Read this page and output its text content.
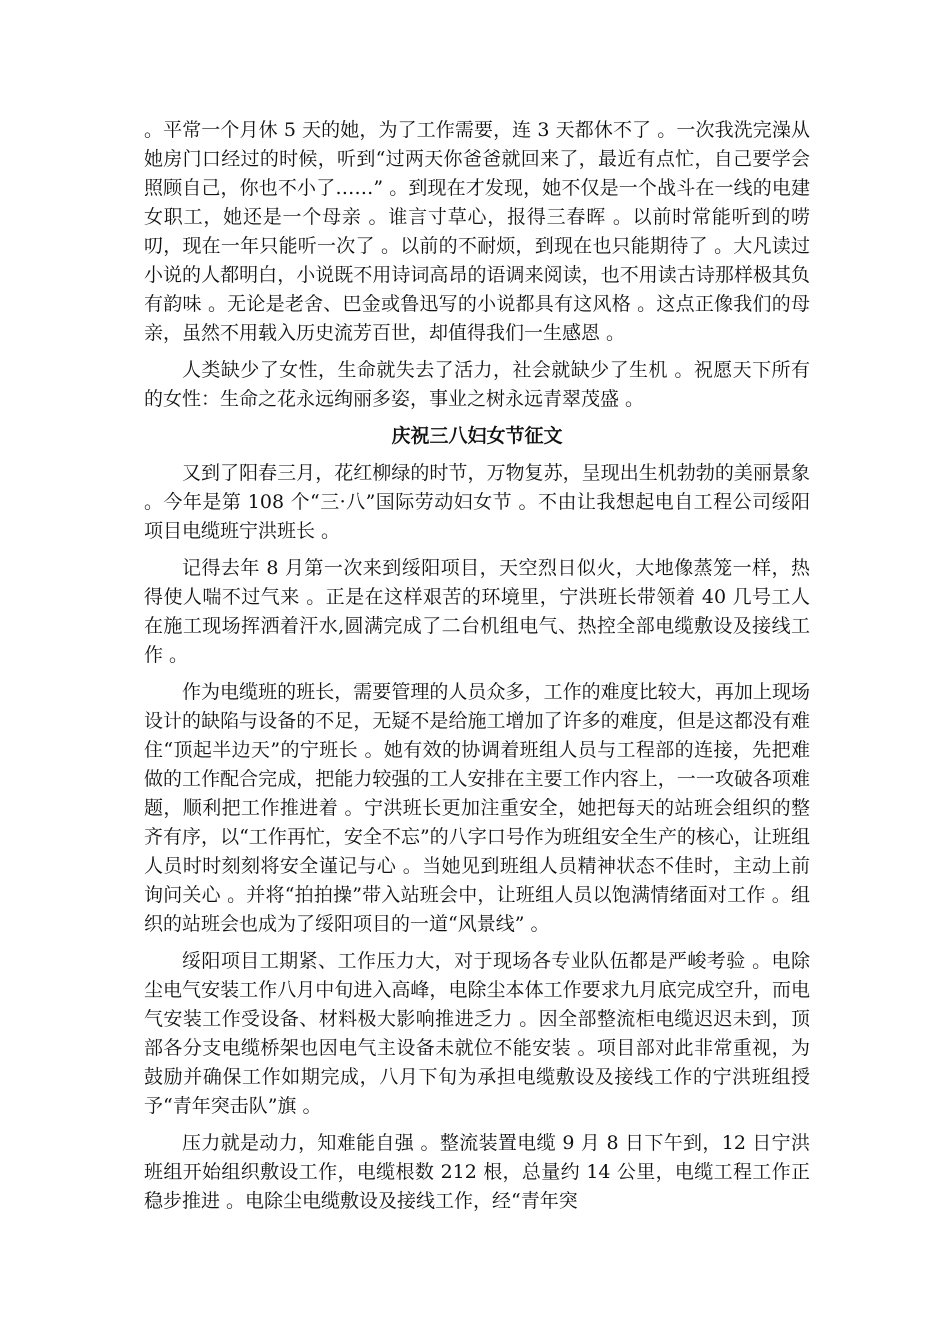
。平常一个月休 5 天的她，为了工作需要，连 3 天都休不了 。一次我洗完澡从她房门口经过的时候，听到“过两天你爸爸就回来了，最近有点忙，自己要学会照顾自己，你也不小了……” 。到现在才发现，她不仅是一个战斗在一线的电建女职工，她还是一个母亲 。谁言寸草心，报得三春晖 。以前时常能听到的唠叨，现在一年只能听一次了 。以前的不耐烦，到现在也只能期待了 。大凡读过小说的人都明白，小说既不用诗词高昂的语调来阅读，也不用读古诗那样极其负有韵味 。无论是老舍、巴金或鲁迅写的小说都具有这风格 。这点正像我们的母亲，虽然不用载入历史流芳百世，却值得我们一生感恩 。

人类缺少了女性，生命就失去了活力，社会就缺少了生机 。祝愿天下所有的女性：生命之花永远绚丽多姿，事业之树永远青翠茂盛 。

庆祝三八妇女节征文

又到了阳春三月，花红柳绿的时节，万物复苏，呈现出生机勃勃的美丽景象 。今年是第 108 个“三·八”国际劳动妇女节 。不由让我想起电自工程公司绥阳项目电缆班宁洪班长 。

记得去年 8 月第一次来到绥阳项目，天空烈日似火，大地像蒸笼一样，热得使人喘不过气来 。正是在这样艰苦的环境里，宁洪班长带领着 40 几号工人在施工现场挥洒着汗水,圆满完成了二台机组电气、热控全部电缆敷设及接线工作 。

作为电缆班的班长，需要管理的人员众多，工作的难度比较大，再加上现场设计的缺陷与设备的不足，无疑不是给施工增加了许多的难度，但是这都没有难住“顶起半边天”的宁班长 。她有效的协调着班组人员与工程部的连接，先把难做的工作配合完成，把能力较强的工人安排在主要工作内容上，一一攻破各项难题，顺利把工作推进着 。宁洪班长更加注重安全，她把每天的站班会组织的整齐有序，以“工作再忙，安全不忘”的八字口号作为班组安全生产的核心，让班组人员时时刻刻将安全谨记与心 。当她见到班组人员精神状态不佳时，主动上前询问关心 。并将“拍拍操”带入站班会中，让班组人员以饱满情绪面对工作 。组织的站班会也成为了绥阳项目的一道“风景线” 。

绥阳项目工期紧、工作压力大，对于现场各专业队伍都是严峻考验 。电除尘电气安装工作八月中旬进入高峰，电除尘本体工作要求九月底完成空升，而电气安装工作受设备、材料极大影响推进乏力 。因全部整流柜电缆迟迟未到，顶部各分支电缆桥架也因电气主设备未就位不能安装 。项目部对此非常重视，为鼓励并确保工作如期完成，八月下旬为承担电缆敷设及接线工作的宁洪班组授予“青年突击队”旗 。

压力就是动力，知难能自强 。整流装置电缆 9 月 8 日下午到，12 日宁洪班组开始组织敷设工作，电缆根数 212 根，总量约 14 公里，电缆工程工作正稳步推进 。电除尘电缆敷设及接线工作，经“青年突
